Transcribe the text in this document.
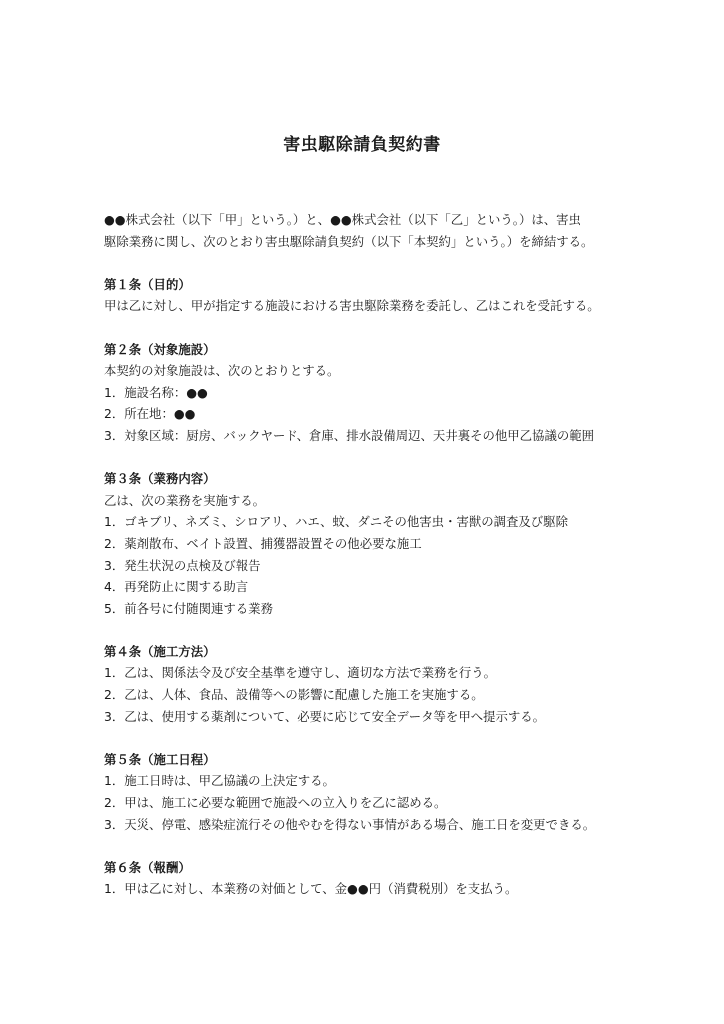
害虫駆除請負契約書

●●株式会社（以下「甲」という。）と、●●株式会社（以下「乙」という。）は、害虫

駆除業務に関し、次のとおり害虫駆除請負契約（以下「本契約」という。）を締結する。

第１条（目的）

甲は乙に対し、甲が指定する施設における害虫駆除業務を委託し、乙はこれを受託する。

第２条（対象施設）

本契約の対象施設は、次のとおりとする。

1．施設名称：●●

2．所在地：●●

3．対象区域：厨房、バックヤード、倉庫、排水設備周辺、天井裏その他甲乙協議の範囲

第３条（業務内容）

乙は、次の業務を実施する。

1．ゴキブリ、ネズミ、シロアリ、ハエ、蚊、ダニその他害虫・害獣の調査及び駆除

2．薬剤散布、ベイト設置、捕獲器設置その他必要な施工

3．発生状況の点検及び報告

4．再発防止に関する助言

5．前各号に付随関連する業務

第４条（施工方法）

1．乙は、関係法令及び安全基準を遵守し、適切な方法で業務を行う。

2．乙は、人体、食品、設備等への影響に配慮した施工を実施する。

3．乙は、使用する薬剤について、必要に応じて安全データ等を甲へ提示する。

第５条（施工日程）

1．施工日時は、甲乙協議の上決定する。

2．甲は、施工に必要な範囲で施設への立入りを乙に認める。

3．天災、停電、感染症流行その他やむを得ない事情がある場合、施工日を変更できる。

第６条（報酬）

1．甲は乙に対し、本業務の対価として、金●●円（消費税別）を支払う。
